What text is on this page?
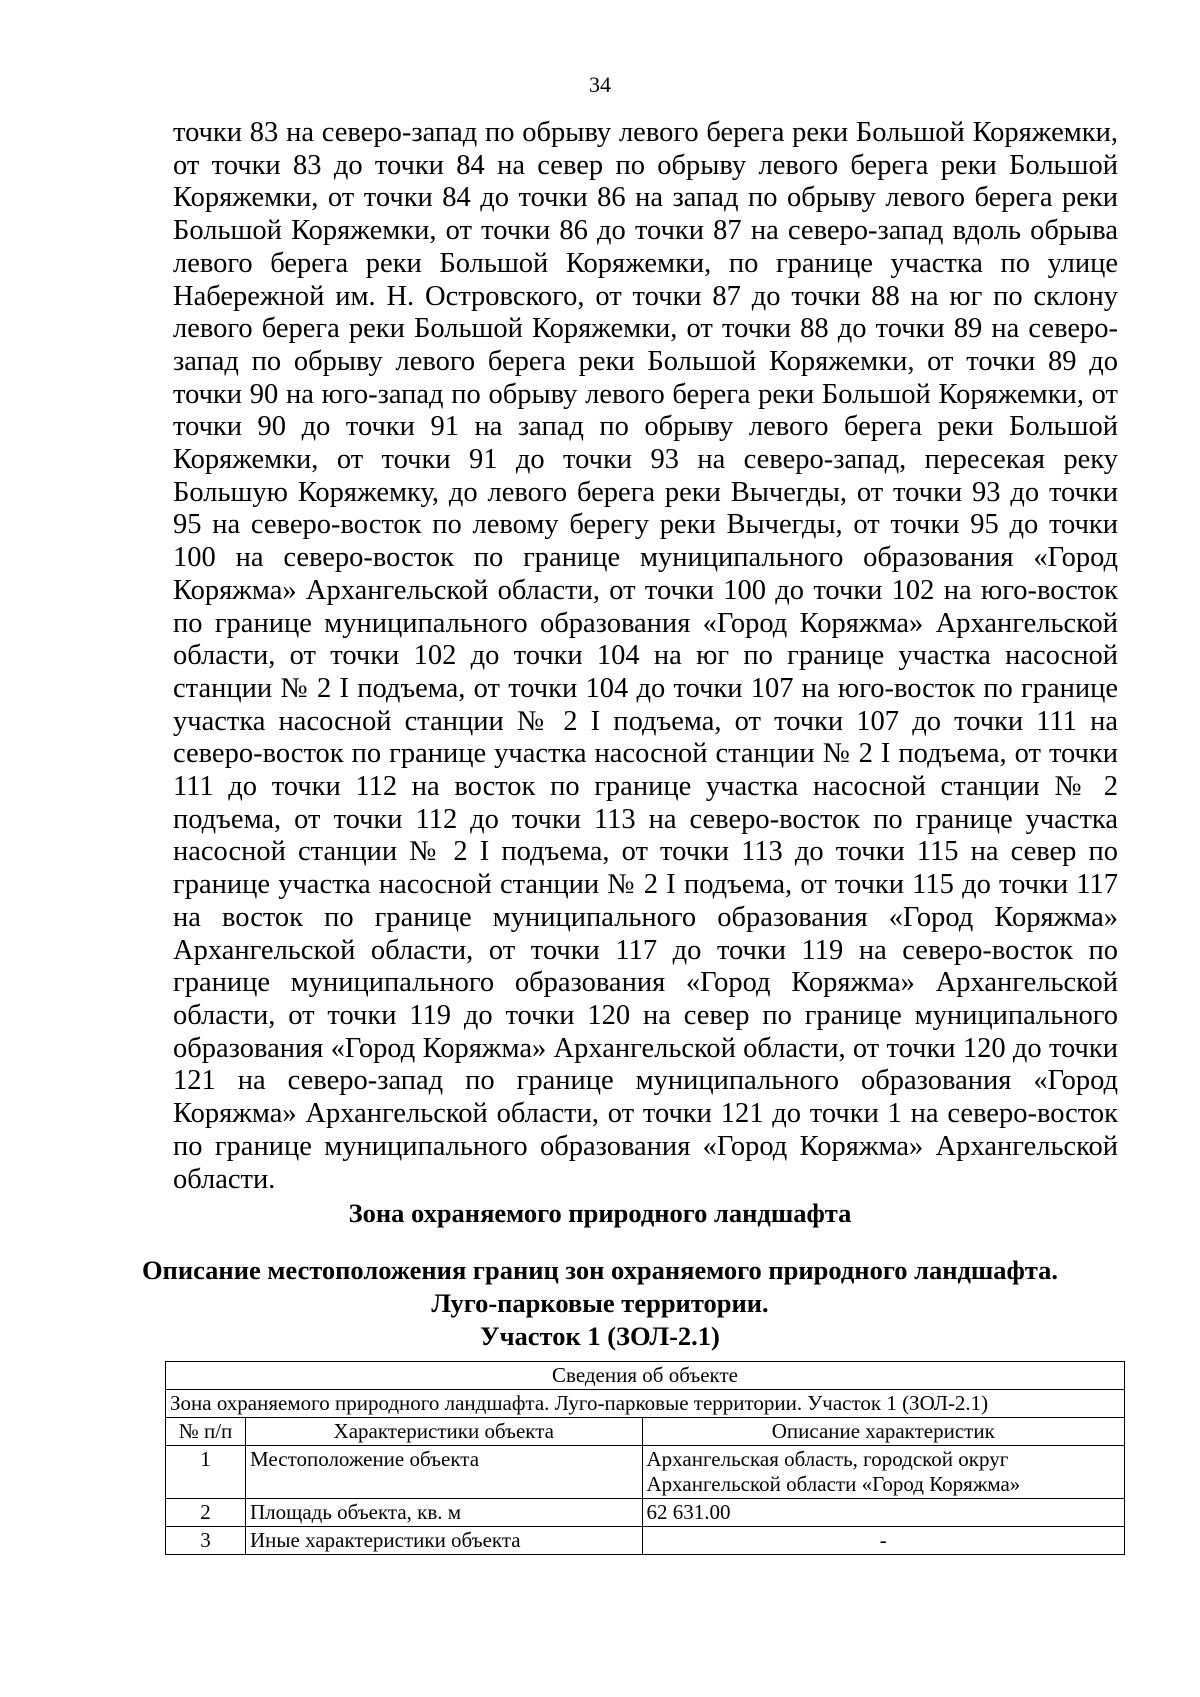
34

точки 83 на северо-запад по обрыву левого берега реки Большой Коряжемки, от точки 83 до точки 84 на север по обрыву левого берега реки Большой Коряжемки, от точки 84 до точки 86 на запад по обрыву левого берега реки Большой Коряжемки, от точки 86 до точки 87 на северо-запад вдоль обрыва левого берега реки Большой Коряжемки, по границе участка по улице Набережной им. Н. Островского, от точки 87 до точки 88 на юг по склону левого берега реки Большой Коряжемки, от точки 88 до точки 89 на северо-запад по обрыву левого берега реки Большой Коряжемки, от точки 89 до точки 90 на юго-запад по обрыву левого берега реки Большой Коряжемки, от точки 90 до точки 91 на запад по обрыву левого берега реки Большой Коряжемки, от точки 91 до точки 93 на северо-запад, пересекая реку Большую Коряжемку, до левого берега реки Вычегды, от точки 93 до точки 95 на северо-восток по левому берегу реки Вычегды, от точки 95 до точки 100 на северо-восток по границе муниципального образования «Город Коряжма» Архангельской области, от точки 100 до точки 102 на юго-восток по границе муниципального образования «Город Коряжма» Архангельской области, от точки 102 до точки 104 на юг по границе участка насосной станции № 2 I подъема, от точки 104 до точки 107 на юго-восток по границе участка насосной станции № 2 I подъема, от точки 107 до точки 111 на северо-восток по границе участка насосной станции № 2 I подъема, от точки 111 до точки 112 на восток по границе участка насосной станции № 2 подъема, от точки 112 до точки 113 на северо-восток по границе участка насосной станции № 2 I подъема, от точки 113 до точки 115 на север по границе участка насосной станции № 2 I подъема, от точки 115 до точки 117 на восток по границе муниципального образования «Город Коряжма» Архангельской области, от точки 117 до точки 119 на северо-восток по границе муниципального образования «Город Коряжма» Архангельской области, от точки 119 до точки 120 на север по границе муниципального образования «Город Коряжма» Архангельской области, от точки 120 до точки 121 на северо-запад по границе муниципального образования «Город Коряжма» Архангельской области, от точки 121 до точки 1 на северо-восток по границе муниципального образования «Город Коряжма» Архангельской области.

Зона охраняемого природного ландшафта
Описание местоположения границ зон охраняемого природного ландшафта.
Луго-парковые территории.
Участок 1 (ЗОЛ-2.1)
Сведения об объекте		
Зона охраняемого природного ландшафта. Луго-парковые территории. Участок 1 (ЗОЛ-2.1)		
№ п/п	Характеристики объекта	Описание характеристик
1	Местоположение объекта	Архангельская область, городской округ
Архангельской области «Город Коряжма»

2	Площадь объекта, кв. м	62 631.00
3	Иные характеристики объекта	-
